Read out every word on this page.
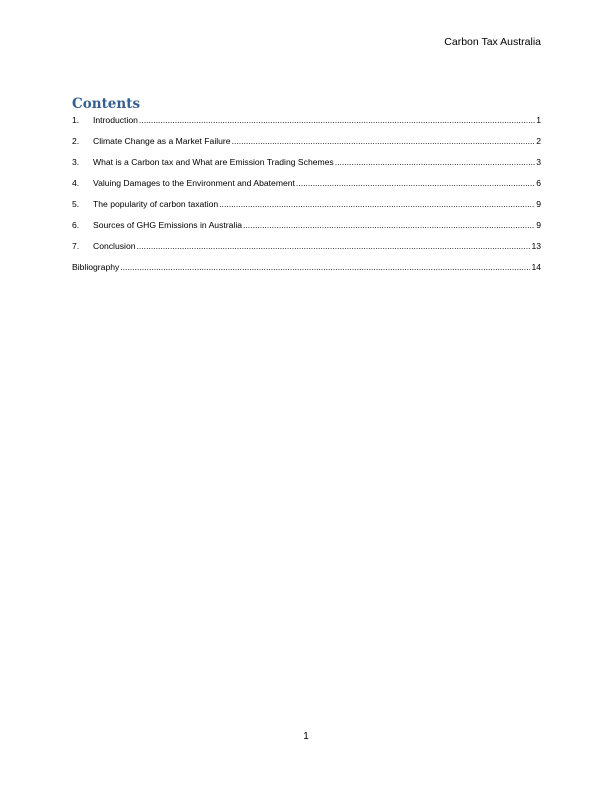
Carbon Tax Australia
Contents
1.	Introduction .....	1
2.	Climate Change as a Market Failure .....	2
3.	What is a Carbon tax and What are Emission Trading Schemes .....	3
4.	Valuing Damages to the Environment and Abatement .....	6
5.	The popularity of carbon taxation .....	9
6.	Sources of GHG Emissions in Australia .....	9
7.	Conclusion .....	13
Bibliography .....	14
1
